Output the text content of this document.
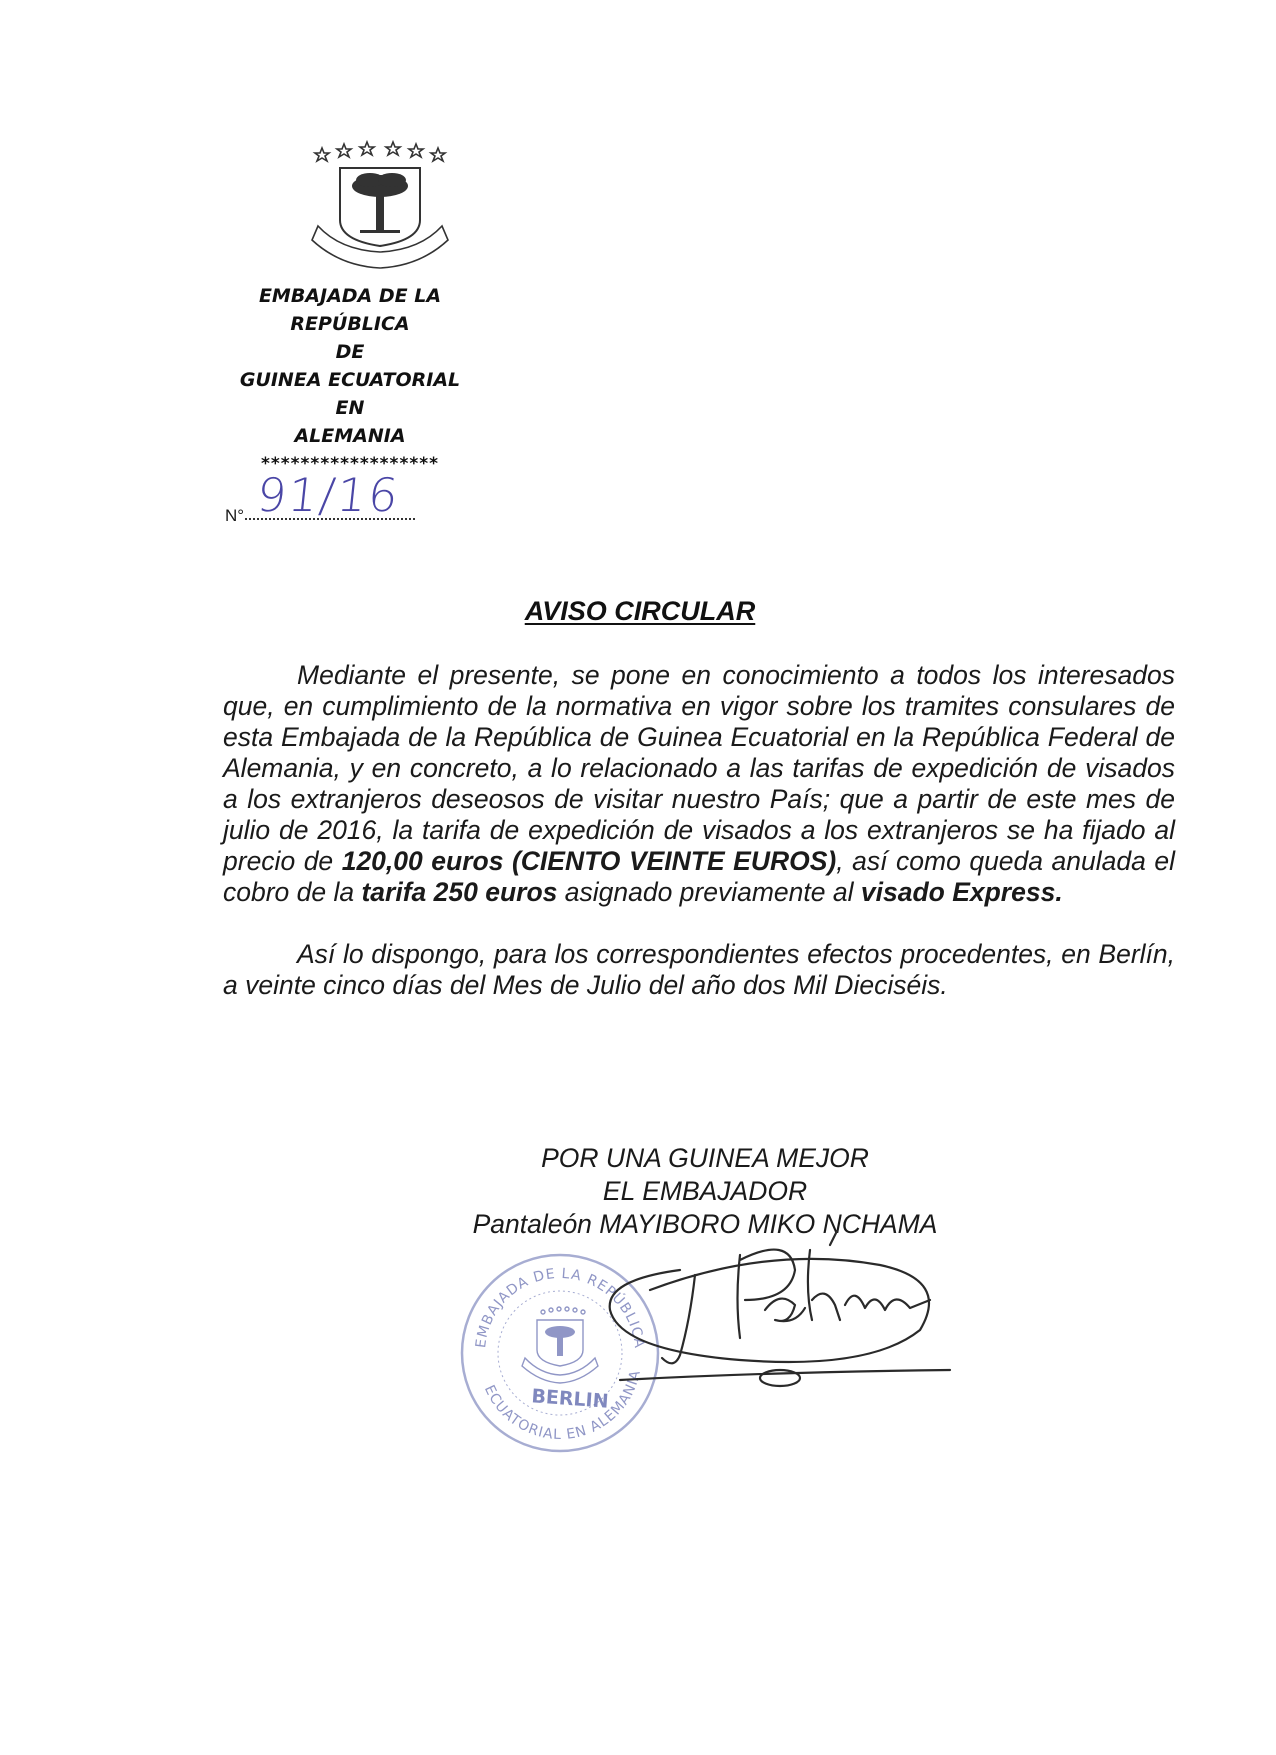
EMBAJADA DE LA REPÚBLICA
DE
GUINEA ECUATORIAL
EN
ALEMANIA
******************
N° 91/16
AVISO CIRCULAR

Mediante el presente, se pone en conocimiento a todos los interesados que, en cumplimiento de la normativa en vigor sobre los tramites consulares de esta Embajada de la República de Guinea Ecuatorial en la República Federal de Alemania, y en concreto, a lo relacionado a las tarifas de expedición de visados a los extranjeros deseosos de visitar nuestro País; que a partir de este mes de julio de 2016, la tarifa de expedición de visados a los extranjeros se ha fijado al precio de 120,00 euros (CIENTO VEINTE EUROS), así como queda anulada el cobro de la tarifa 250 euros asignado previamente al visado Express.

Así lo dispongo, para los correspondientes efectos procedentes, en Berlín, a veinte cinco días del Mes de Julio del año dos Mil Dieciséis.

POR UNA GUINEA MEJOR
EL EMBAJADOR
Pantaleón MAYIBORO MIKO NCHAMA
EMBAJADA DE LA REPÚBLICA
ECUATORIAL EN ALEMANIA
BERLIN
